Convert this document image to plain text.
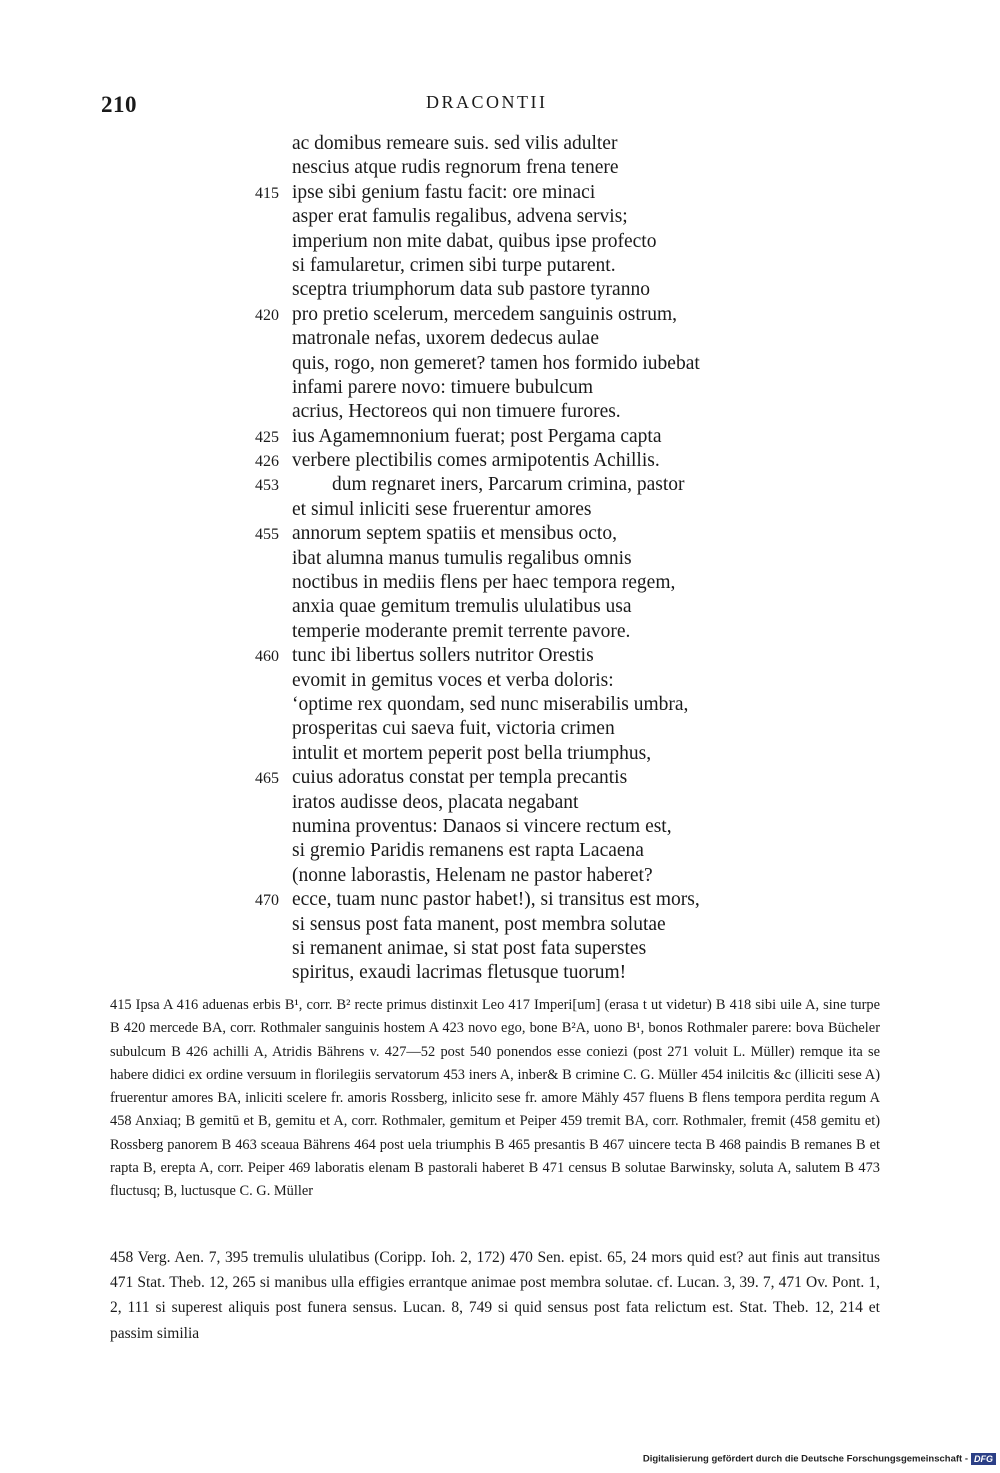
210	DRACONTII
ac domibus remeare suis. sed vilis adulter
nescius atque rudis regnorum frena tenere
415 ipse sibi genium fastu facit: ore minaci
asper erat famulis regalibus, advena servis;
imperium non mite dabat, quibus ipse profecto
si famularetur, crimen sibi turpe putarent.
sceptra triumphorum data sub pastore tyranno
420 pro pretio scelerum, mercedem sanguinis ostrum,
matronale nefas, uxorem dedecus aulae
quis, rogo, non gemeret? tamen hos formido iubebat
infami parere novo: timuere bubulcum
acrius, Hectoreos qui non timuere furores.
425 ius Agamemnonium fuerat; post Pergama capta
426 verbere plectibilis comes armipotentis Achillis.
453	dum regnaret iners, Parcarum crimina, pastor
et simul inliciti sese fruerentur amores
455 annorum septem spatiis et mensibus octo,
ibat alumna manus tumulis regalibus omnis
noctibus in mediis flens per haec tempora regem,
anxia quae gemitum tremulis ululatibus usa
temperie moderante premit terrente pavore.
460 tunc ibi libertus sollers nutritor Orestis
evomit in gemitus voces et verba doloris:
‘optime rex quondam, sed nunc miserabilis umbra,
prosperitas cui saeva fuit, victoria crimen
intulit et mortem peperit post bella triumphus,
465 cuius adoratus constat per templa precantis
iratos audisse deos, placata negabant
numina proventus: Danaos si vincere rectum est,
si gremio Paridis remanens est rapta Lacaena
(nonne laborastis, Helenam ne pastor haberet?
470 ecce, tuam nunc pastor habet!), si transitus est mors,
si sensus post fata manent, post membra solutae
si remanent animae, si stat post fata superstes
spiritus, exaudi lacrimas fletusque tuorum!
415 Ipsa A 416 aduenas erbis B¹, corr. B² recte primus distinxit Leo 417 Imperi[um] (erasa t ut videtur) B 418 sibi uile A, sine turpe B 420 mercede BA, corr. Rothmaler sanguinis hostem A 423 novo ego, bone B²A, uono B¹, bonos Rothmaler parere: bova Bücheler subulcum B 426 achilli A, Atridis Bährens v. 427—52 post 540 ponendos esse coniezi (post 271 voluit L. Müller) remque ita se habere didici ex ordine versuum in florilegiis servatorum 453 iners A, inber& B crimine C. G. Müller 454 inilcitis &c (illiciti sese A) fruerentur amores BA, inliciti scelere fr. amoris Rossberg, inlicito sese fr. amore Mähly 457 fluens B flens tempora perdita regum A 458 Anxiaq; B gemitū et B, gemitu et A, corr. Rothmaler, gemitum et Peiper 459 tremit BA, corr. Rothmaler, fremit (458 gemitu et) Rossberg panorem B 463 sceaua Bährens 464 post uela triumphis B 465 presantis B 467 uincere tecta B 468 paindis B remanes B et rapta B, erepta A, corr. Peiper 469 laboratis elenam B pastorali haberet B 471 census B solutae Barwinsky, soluta A, salutem B 473 fluctusq; B, luctusque C. G. Müller
458 Verg. Aen. 7, 395 tremulis ululatibus (Coripp. Ioh. 2, 172) 470 Sen. epist. 65, 24 mors quid est? aut finis aut transitus 471 Stat. Theb. 12, 265 si manibus ulla effigies errantque animae post membra solutae. cf. Lucan. 3, 39. 7, 471 Ov. Pont. 1, 2, 111 si superest aliquis post funera sensus. Lucan. 8, 749 si quid sensus post fata relictum est. Stat. Theb. 12, 214 et passim similia
Digitalisierung gefördert durch die Deutsche Forschungsgemeinschaft - DFG
